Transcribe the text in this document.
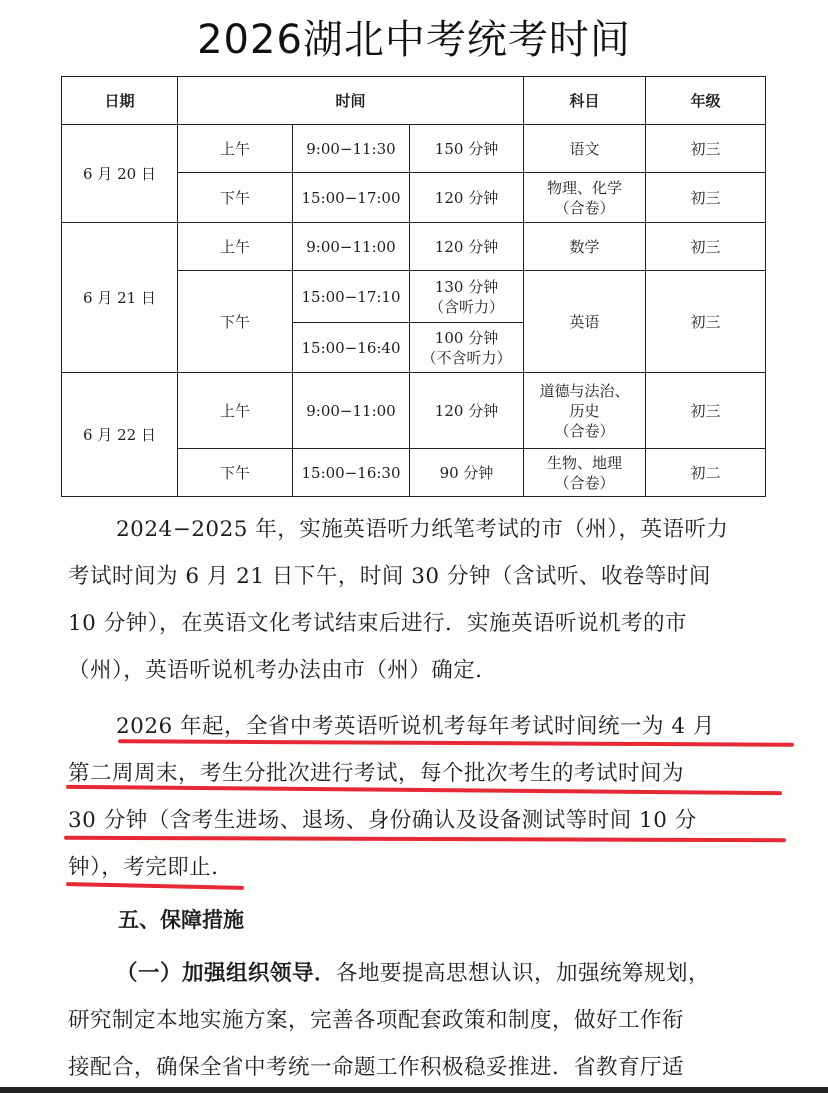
2026湖北中考统考时间
日期	时间			科目	年级
6 月 20 日	上午	9:00−11:30	150 分钟	语文	初三
	下午	15:00−17:00	120 分钟	物理、化学
（合卷）	初三
6 月 21 日	上午	9:00−11:00	120 分钟	数学	初三
	下午	15:00−17:10	130 分钟
（含听力）	英语	初三
		15:00−16:40	100 分钟
（不含听力）		

6 月 22 日	上午	9:00−11:00	120 分钟	道德与法治、
历史
（合卷）	初三
	下午	15:00−16:30	90 分钟	生物、地理
（合卷）	初二
2024−2025 年，实施英语听力纸笔考试的市（州），英语听力
考试时间为 6 月 21 日下午，时间 30 分钟（含试听、收卷等时间
10 分钟），在英语文化考试结束后进行．实施英语听说机考的市
（州），英语听说机考办法由市（州）确定．
2026 年起，全省中考英语听说机考每年考试时间统一为 4 月
第二周周末，考生分批次进行考试，每个批次考生的考试时间为
30 分钟（含考生进场、退场、身份确认及设备测试等时间 10 分
钟），考完即止．
五、保障措施
（一）加强组织领导．各地要提高思想认识，加强统筹规划，
研究制定本地实施方案，完善各项配套政策和制度，做好工作衔
接配合，确保全省中考统一命题工作积极稳妥推进．省教育厅适
